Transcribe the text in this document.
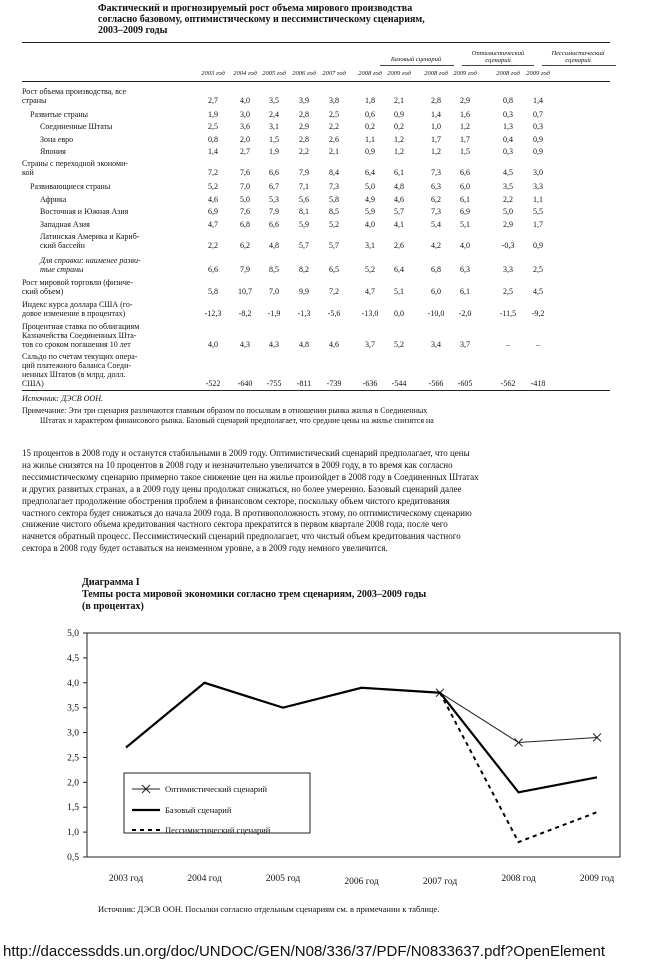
Фактический и прогнозируемый рост объема мирового производства
согласно базовому, оптимистическому и пессимистическому сценариям,
2003–2009 годы
Базовый сценарий
Оптимистический сценарий
Пессимистический сценарий
2003 год	2004 год 2005 год 2006 год 2007 год	2008 год 2009 год	2008 год 2009 год	2008 год 2009 год
Рост объема производства, все
страны	2,7	4,0	3,5	3,9	3,8	1,8	2,1	2,8	2,9	0,8	1,4
Развитые страны	1,9	3,0	2,4	2,8	2,5	0,6	0,9	1,4	1,6	0,3	0,7
Соединенные Штаты	2,5	3,6	3,1	2,9	2,2	0,2	0,2	1,0	1,2	1,3	0,3
Зона евро	0,8	2,0	1,5	2,8	2,6	1,1	1,2	1,7	1,7	0,4	0,9
Япония	1,4	2,7	1,9	2,2	2,1	0,9	1,2	1,2	1,5	0,3	0,9
Страны с переходной экономи-
кой	7,2	7,6	6,6	7,9	8,4	6,4	6,1	7,3	6,6	4,5	3,0
Развивающиеся страны	5,2	7,0	6,7	7,1	7,3	5,0	4,8	6,3	6,0	3,5	3,3
Африка	4,6	5,0	5,3	5,6	5,8	4,9	4,6	6,2	6,1	2,2	1,1
Восточная и Южная Азия	6,9	7,6	7,9	8,1	8,5	5,9	5,7	7,3	6,9	5,0	5,5
Западная Азия	4,7	6,8	6,6	5,9	5,2	4,0	4,1	5,4	5,1	2,9	1,7
Латинская Америка и Кариб-
ский бассейн	2,2	6,2	4,8	5,7	5,7	3,1	2,6	4,2	4,0	-0,3	0,9
Для справки: наименее разви-
тые страны	6,6	7,9	8,5	8,2	6,5	5,2	6,4	6,8	6,3	3,3	2,5
Рост мировой торговли (физиче-
ский объем)	5,8	10,7	7,0	9,9	7,2	4,7	5,1	6,0	6,1	2,5	4,5
Индекс курса доллара США (го-
довое изменение в процентах)	-12,3	-8,2	-1,9	-1,3	-5,6	-13,0	0,0	-10,0	-2,0	-11,5	-9,2
Процентная ставка по облигациям
Казначейства Соединенных Шта-
тов со сроком погашения 10 лет	4,0	4,3	4,3	4,8	4,6	3,7	5,2	3,4	3,7	–	–
Сальдо по счетам текущих опера-
ций платежного баланса Соеди-
ненных Штатов (в млрд. долл.
США)	-522	-640	-755	-811	-739	-636	-544	-566	-605	-562	-418
Источник: ДЭСВ ООН.
Примечание: Эти три сценария различаются главным образом по посылкам в отношении рынка жилья в Соединенных
Штатах и характером финансового рынка. Базовый сценарий предполагает, что средние цены на жилье снизятся на
15 процентов в 2008 году и останутся стабильными в 2009 году. Оптимистический сценарий предполагает, что цены
на жилье снизятся на 10 процентов в 2008 году и незначительно увеличатся в 2009 году, в то время как согласно
пессимистическому сценарию примерно такое снижение цен на жилье произойдет в 2008 году в Соединенных Штатах
и других развитых странах, а в 2009 году цены продолжат снижаться, но более умеренно. Базовый сценарий далее
предполагает продолжение обострения проблем в финансовом секторе, поскольку объем чистого кредитования
частного сектора будет снижаться до начала 2009 года. В противоположность этому, по оптимистическому сценарию
снижение чистого объема кредитования частного сектора прекратится в первом квартале 2008 года, после чего
начнется обратный процесс. Пессимистический сценарий предполагает, что чистый объем кредитования частного
сектора в 2008 году будет оставаться на неизменном уровне, а в 2009 году немного увеличится.
Диаграмма I
Темпы роста мировой экономики согласно трем сценариям, 2003–2009 годы
(в процентах)
0,5
1,0
1,5
2,0
2,5
3,0
3,5
4,0
4,5
5,0
2003 год	2004 год	2005 год	2006 год	2007 год	2008 год	2009 год
Оптимистический сценарий
Базовый сценарий
Пессимистический сценарий
Источник: ДЭСВ ООН. Посылки согласно отдельным сценариям см. в примечании к таблице.
http://daccessdds.un.org/doc/UNDOC/GEN/N08/336/37/PDF/N0833637.pdf?OpenElement
